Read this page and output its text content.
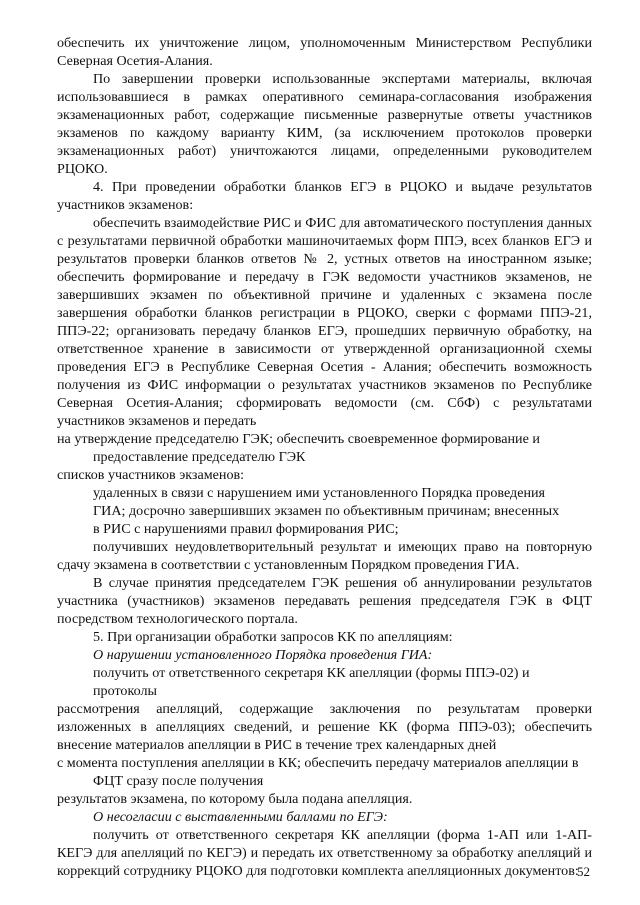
обеспечить их уничтожение лицом, уполномоченным Министерством Республики Северная Осетия-Алания.

По завершении проверки использованные экспертами материалы, включая использовавшиеся в рамках оперативного семинара-согласования изображения экзаменационных работ, содержащие письменные развернутые ответы участников экзаменов по каждому варианту КИМ, (за исключением протоколов проверки экзаменационных работ) уничтожаются лицами, определенными руководителем РЦОКО.

4. При проведении обработки бланков ЕГЭ в РЦОКО и выдаче результатов участников экзаменов:

обеспечить взаимодействие РИС и ФИС для автоматического поступления данных с результатами первичной обработки машиночитаемых форм ППЭ, всех бланков ЕГЭ и результатов проверки бланков ответов № 2, устных ответов на иностранном языке; обеспечить формирование и передачу в ГЭК ведомости участников экзаменов, не завершивших экзамен по объективной причине и удаленных с экзамена после завершения обработки бланков регистрации в РЦОКО, сверки с формами ППЭ-21, ППЭ-22; организовать передачу бланков ЕГЭ, прошедших первичную обработку, на ответственное хранение в зависимости от утвержденной организационной схемы проведения ЕГЭ в Республике Северная Осетия - Алания; обеспечить возможность получения из ФИС информации о результатах участников экзаменов по Республике Северная Осетия-Алания; сформировать ведомости (см. СбФ) с результатами участников экзаменов и передать

на утверждение председателю ГЭК; обеспечить своевременное формирование и

предоставление председателю ГЭК

списков участников экзаменов:

удаленных в связи с нарушением ими установленного Порядка проведения

ГИА; досрочно завершивших экзамен по объективным причинам; внесенных

в РИС с нарушениями правил формирования РИС;

получивших неудовлетворительный результат и имеющих право на повторную сдачу экзамена в соответствии с установленным Порядком проведения ГИА.

В случае принятия председателем ГЭК решения об аннулировании результатов участника (участников) экзаменов передавать решения председателя ГЭК в ФЦТ посредством технологического портала.

5. При организации обработки запросов КК по апелляциям:

О нарушении установленного Порядка проведения ГИА:

получить от ответственного секретаря КК апелляции (формы ППЭ-02) и

протоколы

рассмотрения апелляций, содержащие заключения по результатам проверки изложенных в апелляциях сведений, и решение КК (форма ППЭ-03); обеспечить внесение материалов апелляции в РИС в течение трех календарных дней

с момента поступления апелляции в КК; обеспечить передачу материалов апелляции в

ФЦТ сразу после получения

результатов экзамена, по которому была подана апелляция.

О несогласии с выставленными баллами по ЕГЭ:

получить от ответственного секретаря КК апелляции (форма 1-АП или 1-АП-КЕГЭ для апелляций по КЕГЭ) и передать их ответственному за обработку апелляций и коррекций сотруднику РЦОКО для подготовки комплекта апелляционных документов:

52
